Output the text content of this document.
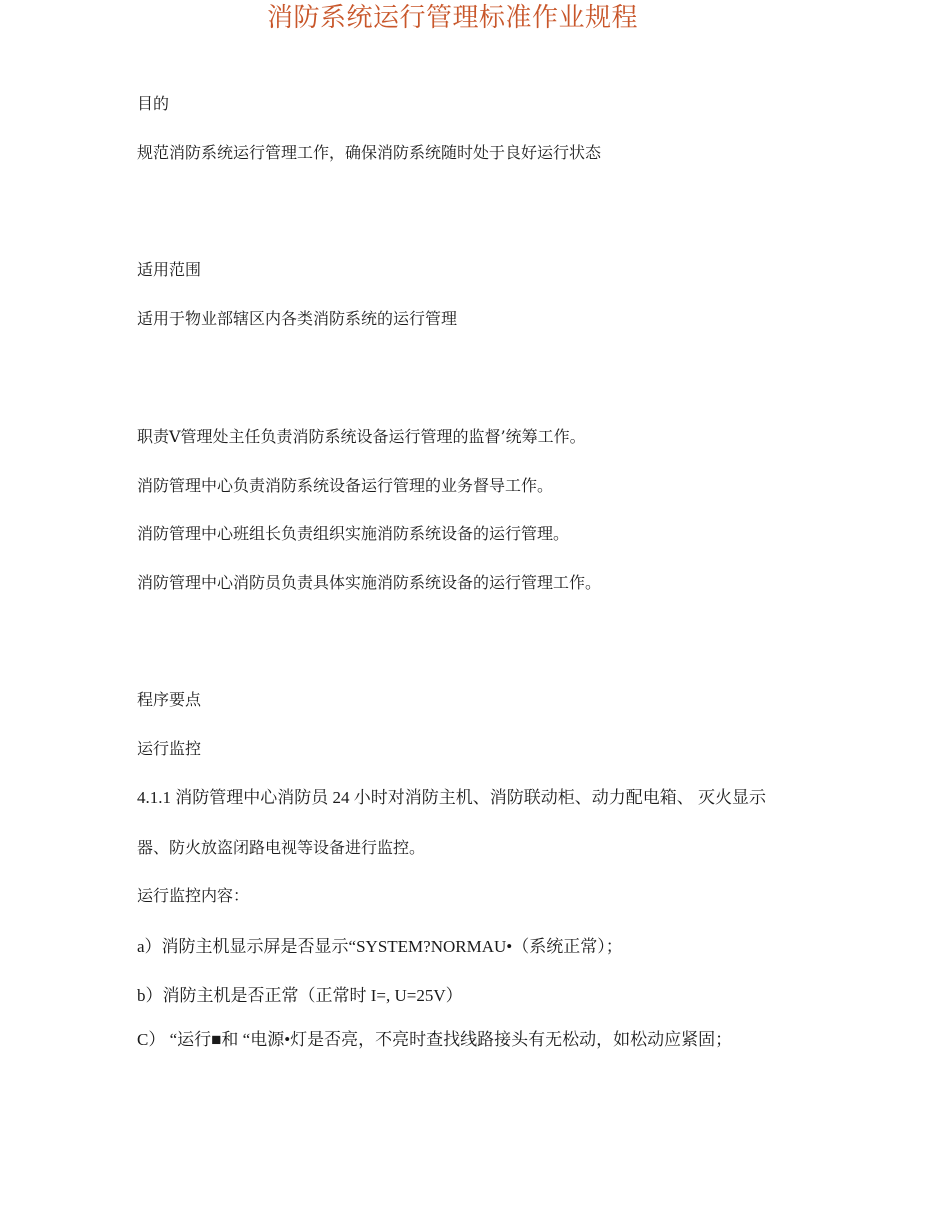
消防系统运行管理标准作业规程
目的
规范消防系统运行管理工作，确保消防系统随时处于良好运行状态
适用范围
适用于物业部辖区内各类消防系统的运行管理
职责Ⅴ管理处主任负责消防系统设备运行管理的监督’统筹工作。
消防管理中心负责消防系统设备运行管理的业务督导工作。
消防管理中心班组长负责组织实施消防系统设备的运行管理。
消防管理中心消防员负责具体实施消防系统设备的运行管理工作。
程序要点
运行监控
4.1.1 消防管理中心消防员 24 小时对消防主机、消防联动柜、动力配电箱、 灭火显示
器、防火放盗闭路电视等设备进行监控。
运行监控内容：
a）消防主机显示屏是否显示“SYSTEM?NORMAU•（系统正常）；
b）消防主机是否正常（正常时 I=, U=25V）
C） “运行■和 “电源•灯是否亮，不亮时查找线路接头有无松动，如松动应紧固；
